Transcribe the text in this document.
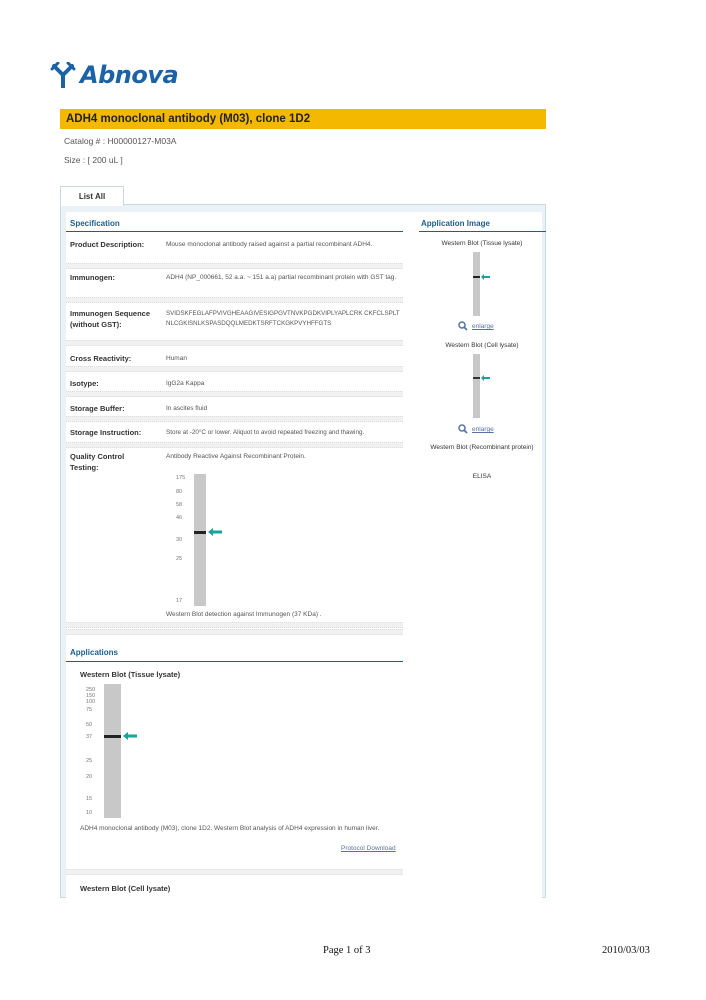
Abnova
ADH4 monoclonal antibody (M03), clone 1D2
Catalog # : H00000127-M03A
Size : [ 200 uL ]
List All
Specification
Product Description:	Mouse monoclonal antibody raised against a partial recombinant ADH4.
Immunogen:	ADH4 (NP_000661, 52 a.a. ~ 151 a.a) partial recombinant protein with GST tag.
Immunogen Sequence (without GST):
SVIDSKFEGLAFPVIVGHEAAGIVESIGPGVTNVKPGDKVIPLYAPLCRK CKFCLSPLTNLCGKISNLKSPASDQQLMEDKTSRFTCKGKPVYHFFGTS
Cross Reactivity:	Human
Isotype:	IgG2a Kappa
Storage Buffer:	In ascites fluid
Storage Instruction:	Store at -20°C or lower. Aliquot to avoid repeated freezing and thawing.
Quality Control Testing:
Antibody Reactive Against Recombinant Protein.
175
80
58
46
30
25
17
Western Blot detection against Immunogen (37 KDa) .
Application Image
Western Blot (Tissue lysate)
enlarge
Western Blot (Cell lysate)
enlarge
Western Blot (Recombinant protein)
ELISA
Applications
Western Blot (Tissue lysate)
250
150
100
75
50
37
25
20
15
10
ADH4 monoclonal antibody (M03), clone 1D2. Western Blot analysis of ADH4 expression in human liver.
Protocol Download
Western Blot (Cell lysate)
Page 1 of 3	2010/03/03
